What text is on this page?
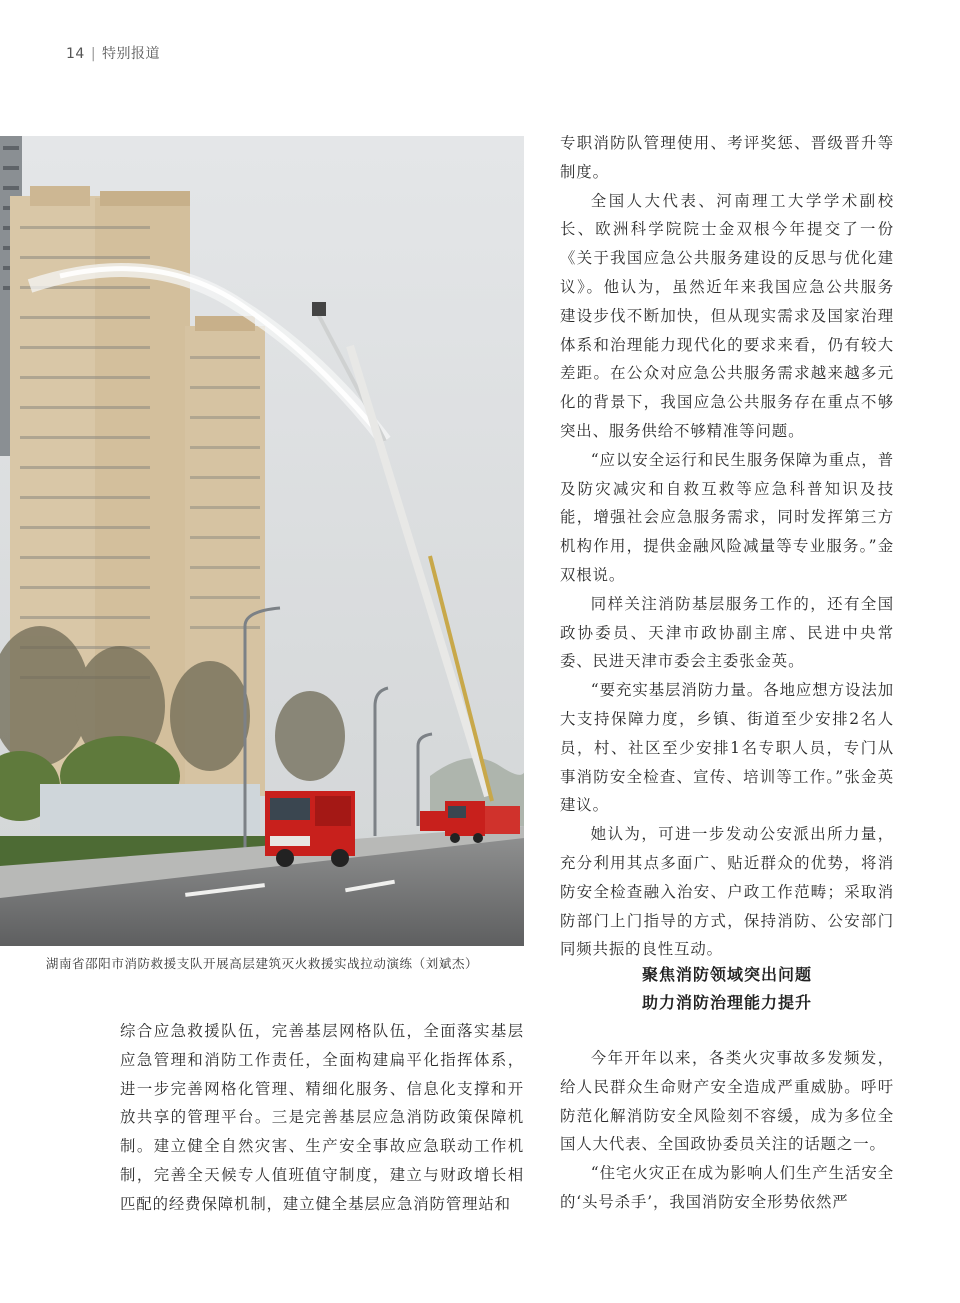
14 | 特别报道
湖南省邵阳市消防救援支队开展高层建筑灭火救援实战拉动演练（刘斌杰）

专职消防队管理使用、考评奖惩、晋级晋升等制度。

全国人大代表、河南理工大学学术副校长、欧洲科学院院士金双根今年提交了一份《关于我国应急公共服务建设的反思与优化建议》。他认为，虽然近年来我国应急公共服务建设步伐不断加快，但从现实需求及国家治理体系和治理能力现代化的要求来看，仍有较大差距。在公众对应急公共服务需求越来越多元化的背景下，我国应急公共服务存在重点不够突出、服务供给不够精准等问题。

“应以安全运行和民生服务保障为重点，普及防灾减灾和自救互救等应急科普知识及技能，增强社会应急服务需求，同时发挥第三方机构作用，提供金融风险减量等专业服务。”金双根说。

同样关注消防基层服务工作的，还有全国政协委员、天津市政协副主席、民进中央常委、民进天津市委会主委张金英。

“要充实基层消防力量。各地应想方设法加大支持保障力度，乡镇、街道至少安排2名人员，村、社区至少安排1名专职人员，专门从事消防安全检查、宣传、培训等工作。”张金英建议。

她认为，可进一步发动公安派出所力量，充分利用其点多面广、贴近群众的优势，将消防安全检查融入治安、户政工作范畴；采取消防部门上门指导的方式，保持消防、公安部门同频共振的良性互动。

聚焦消防领域突出问题
助力消防治理能力提升

今年开年以来，各类火灾事故多发频发，给人民群众生命财产安全造成严重威胁。呼吁防范化解消防安全风险刻不容缓，成为多位全国人大代表、全国政协委员关注的话题之一。

“住宅火灾正在成为影响人们生产生活安全的‘头号杀手’，我国消防安全形势依然严

综合应急救援队伍，完善基层网格队伍，全面落实基层应急管理和消防工作责任，全面构建扁平化指挥体系，进一步完善网格化管理、精细化服务、信息化支撑和开放共享的管理平台。三是完善基层应急消防政策保障机制。建立健全自然灾害、生产安全事故应急联动工作机制，完善全天候专人值班值守制度，建立与财政增长相匹配的经费保障机制，建立健全基层应急消防管理站和
